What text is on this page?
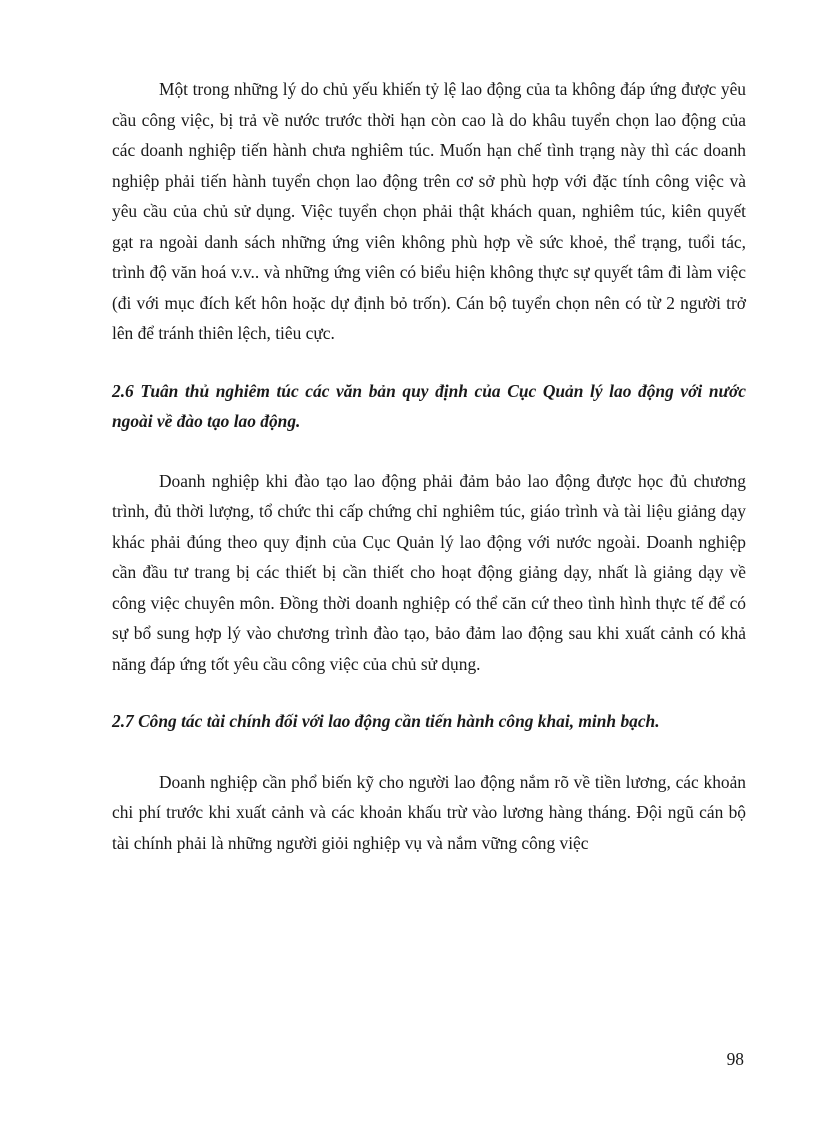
Một trong những lý do chủ yếu khiến tỷ lệ lao động của ta không đáp ứng được yêu cầu công việc, bị trả về nước trước thời hạn còn cao là do khâu tuyển chọn lao động của các doanh nghiệp tiến hành chưa nghiêm túc. Muốn hạn chế tình trạng này thì các doanh nghiệp phải tiến hành tuyển chọn lao động trên cơ sở phù hợp với đặc tính công việc và yêu cầu của chủ sử dụng. Việc tuyển chọn phải thật khách quan, nghiêm túc, kiên quyết gạt ra ngoài danh sách những ứng viên không phù hợp về sức khoẻ, thể trạng, tuổi tác, trình độ văn hoá v.v.. và những ứng viên có biểu hiện không thực sự quyết tâm đi làm việc (đi với mục đích kết hôn hoặc dự định bỏ trốn). Cán bộ tuyển chọn nên có từ 2 người trở lên để tránh thiên lệch, tiêu cực.

2.6 Tuân thủ nghiêm túc các văn bản quy định của Cục Quản lý lao động với nước ngoài về đào tạo lao động.

Doanh nghiệp khi đào tạo lao động phải đảm bảo lao động được học đủ chương trình, đủ thời lượng, tổ chức thi cấp chứng chỉ nghiêm túc, giáo trình và tài liệu giảng dạy khác phải đúng theo quy định của Cục Quản lý lao động với nước ngoài. Doanh nghiệp cần đầu tư trang bị các thiết bị cần thiết cho hoạt động giảng dạy, nhất là giảng dạy về công việc chuyên môn. Đồng thời doanh nghiệp có thể căn cứ theo tình hình thực tế để có sự bổ sung hợp lý vào chương trình đào tạo, bảo đảm lao động sau khi xuất cảnh có khả năng đáp ứng tốt yêu cầu công việc của chủ sử dụng.

2.7 Công tác tài chính đối với lao động cần tiến hành công khai, minh bạch.

Doanh nghiệp cần phổ biến kỹ cho người lao động nắm rõ về tiền lương, các khoản chi phí trước khi xuất cảnh và các khoản khấu trừ vào lương hàng tháng. Đội ngũ cán bộ tài chính phải là những người giỏi nghiệp vụ và nắm vững công việc

98
